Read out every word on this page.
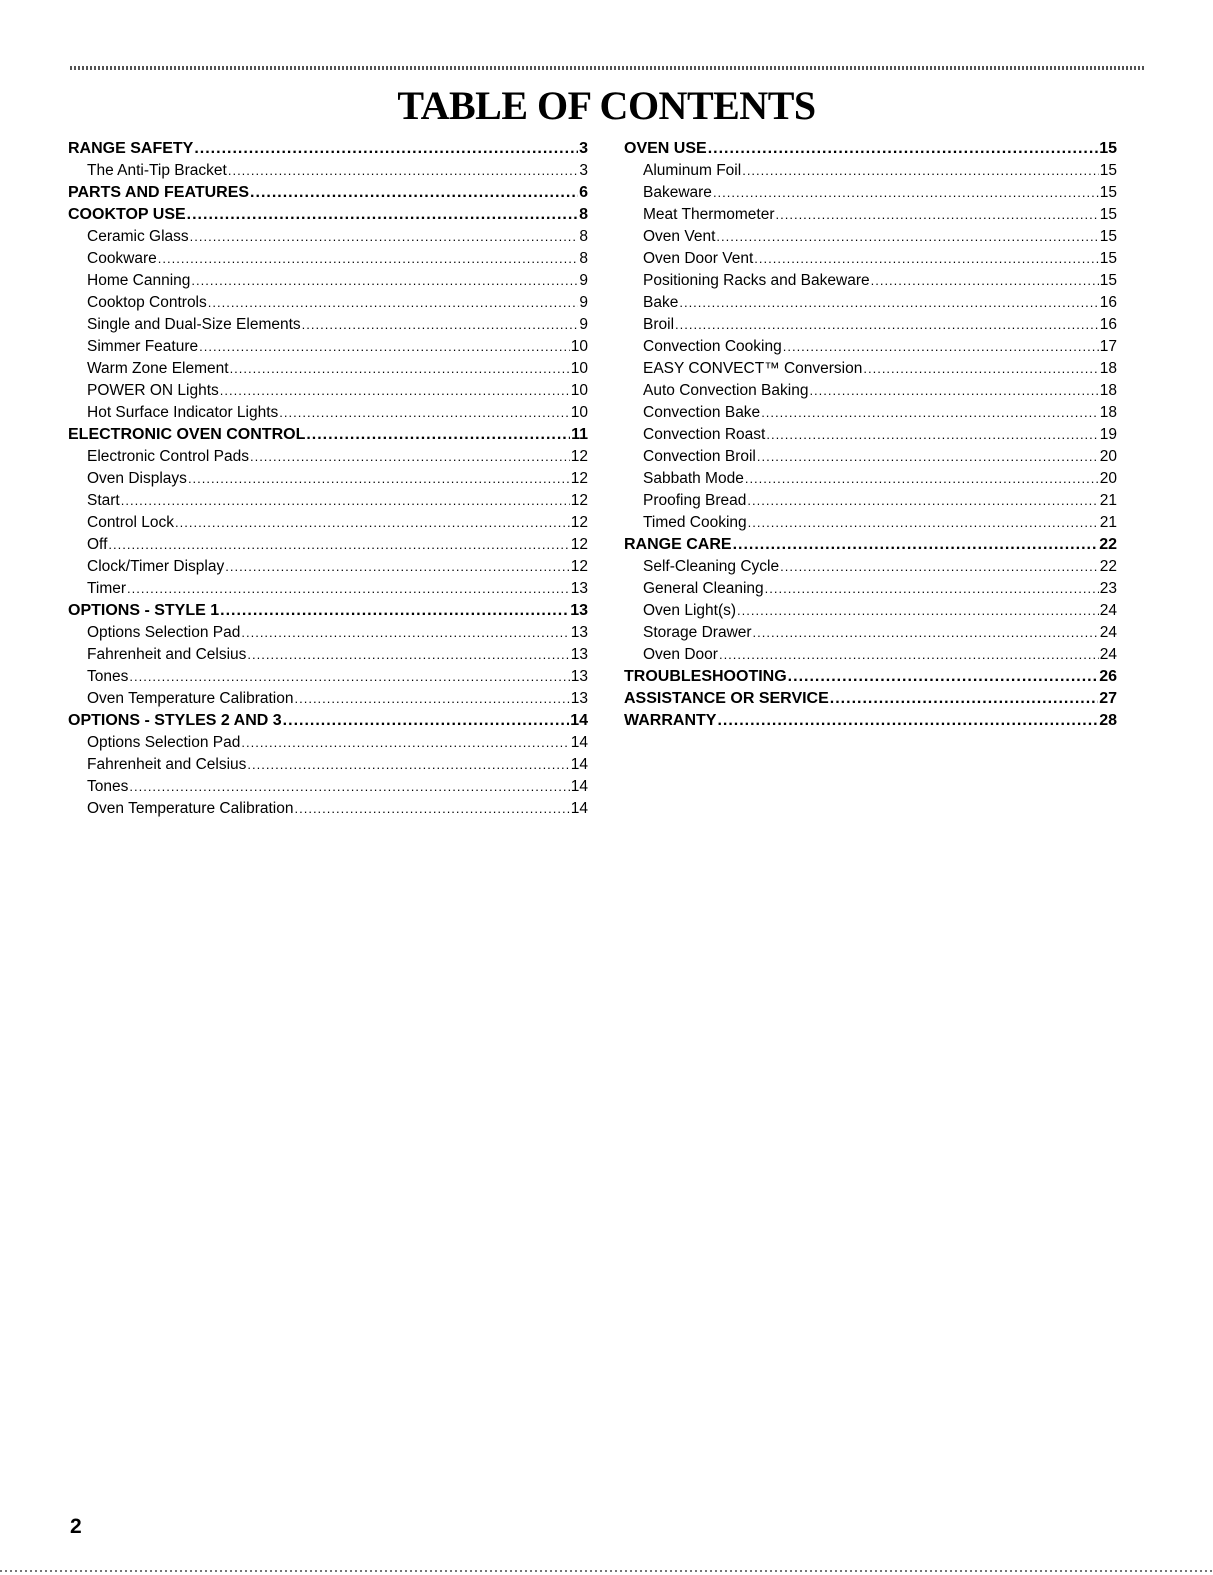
TABLE OF CONTENTS
RANGE SAFETY .....	3
The Anti-Tip Bracket .....	3
PARTS AND FEATURES .....	6
COOKTOP USE .....	8
Ceramic Glass .....	8
Cookware .....	8
Home Canning .....	9
Cooktop Controls .....	9
Single and Dual-Size Elements .....	9
Simmer Feature .....	10
Warm Zone Element .....	10
POWER ON Lights .....	10
Hot Surface Indicator Lights .....	10
ELECTRONIC OVEN CONTROL .....	11
Electronic Control Pads .....	12
Oven Displays .....	12
Start .....	12
Control Lock .....	12
Off .....	12
Clock/Timer Display .....	12
Timer .....	13
OPTIONS - STYLE 1 .....	13
Options Selection Pad .....	13
Fahrenheit and Celsius .....	13
Tones .....	13
Oven Temperature Calibration .....	13
OPTIONS - STYLES 2 AND 3 .....	14
Options Selection Pad .....	14
Fahrenheit and Celsius .....	14
Tones .....	14
Oven Temperature Calibration .....	14
OVEN USE .....	15
Aluminum Foil .....	15
Bakeware .....	15
Meat Thermometer .....	15
Oven Vent .....	15
Oven Door Vent .....	15
Positioning Racks and Bakeware .....	15
Bake .....	16
Broil .....	16
Convection Cooking .....	17
EASY CONVECT™ Conversion .....	18
Auto Convection Baking .....	18
Convection Bake .....	18
Convection Roast .....	19
Convection Broil .....	20
Sabbath Mode .....	20
Proofing Bread .....	21
Timed Cooking .....	21
RANGE CARE .....	22
Self-Cleaning Cycle .....	22
General Cleaning .....	23
Oven Light(s) .....	24
Storage Drawer .....	24
Oven Door .....	24
TROUBLESHOOTING .....	26
ASSISTANCE OR SERVICE .....	27
WARRANTY .....	28
2
